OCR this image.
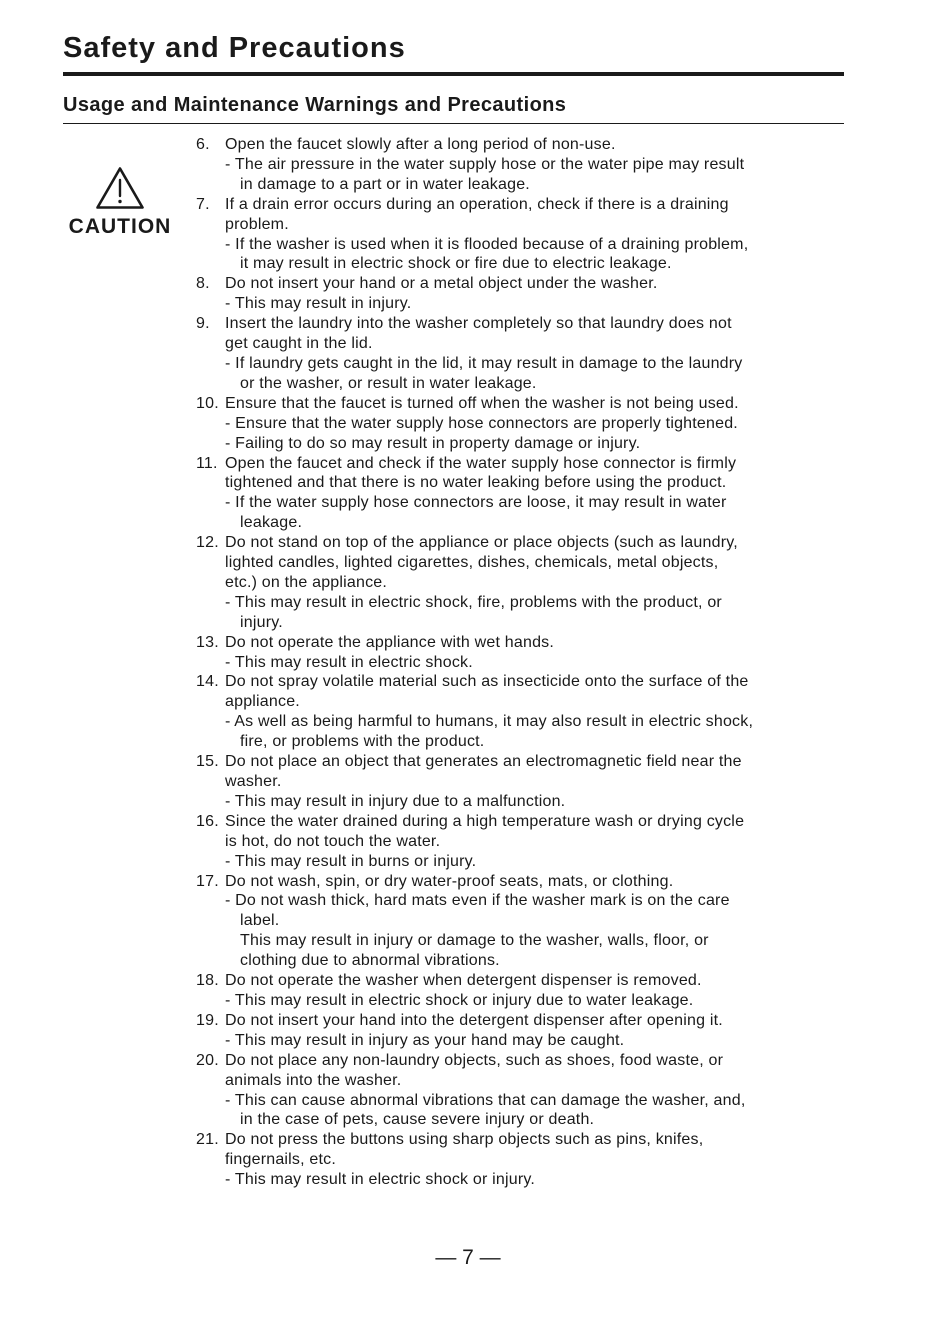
Safety and Precautions
Usage and Maintenance Warnings and Precautions
CAUTION
6. Open the faucet slowly after a long period of non-use.
- The air pressure in the water supply hose or the water pipe may result
in damage to a part or in water leakage.
7. If a drain error occurs during an operation, check if there is a draining
problem.
- If the washer is used when it is flooded because of a draining problem,
it may result in electric shock or fire due to electric leakage.
8. Do not insert your hand or a metal object under the washer.
- This may result in injury.
9. Insert the laundry into the washer completely so that laundry does not
get caught in the lid.
- If laundry gets caught in the lid, it may result in damage to the laundry
or the washer, or result in water leakage.
10. Ensure that the faucet is turned off when the washer is not being used.
- Ensure that the water supply hose connectors are properly tightened.
- Failing to do so may result in property damage or injury.
11. Open the faucet and check if the water supply hose connector is firmly
tightened and that there is no water leaking before using the product.
- If the water supply hose connectors are loose, it may result in water
leakage.
12. Do not stand on top of the appliance or place objects (such as laundry,
lighted candles, lighted cigarettes, dishes, chemicals, metal objects,
etc.) on the appliance.
- This may result in electric shock, fire, problems with the product, or
injury.
13. Do not operate the appliance with wet hands.
- This may result in electric shock.
14. Do not spray volatile material such as insecticide onto the surface of the
appliance.
- As well as being harmful to humans, it may also result in electric shock,
fire, or problems with the product.
15. Do not place an object that generates an electromagnetic field near the
washer.
- This may result in injury due to a malfunction.
16. Since the water drained during a high temperature wash or drying cycle
is hot, do not touch the water.
- This may result in burns or injury.
17. Do not wash, spin, or dry water-proof seats, mats, or clothing.
- Do not wash thick, hard mats even if the washer mark is on the care
label.
This may result in injury or damage to the washer, walls, floor, or
clothing due to abnormal vibrations.
18. Do not operate the washer when detergent dispenser is removed.
- This may result in electric shock or injury due to water leakage.
19. Do not insert your hand into the detergent dispenser after opening it.
- This may result in injury as your hand may be caught.
20. Do not place any non-laundry objects, such as shoes, food waste, or
animals into the washer.
- This can cause abnormal vibrations that can damage the washer, and,
in the case of pets, cause severe injury or death.
21. Do not press the buttons using sharp objects such as pins, knifes,
fingernails, etc.
- This may result in electric shock or injury.
— 7 —
